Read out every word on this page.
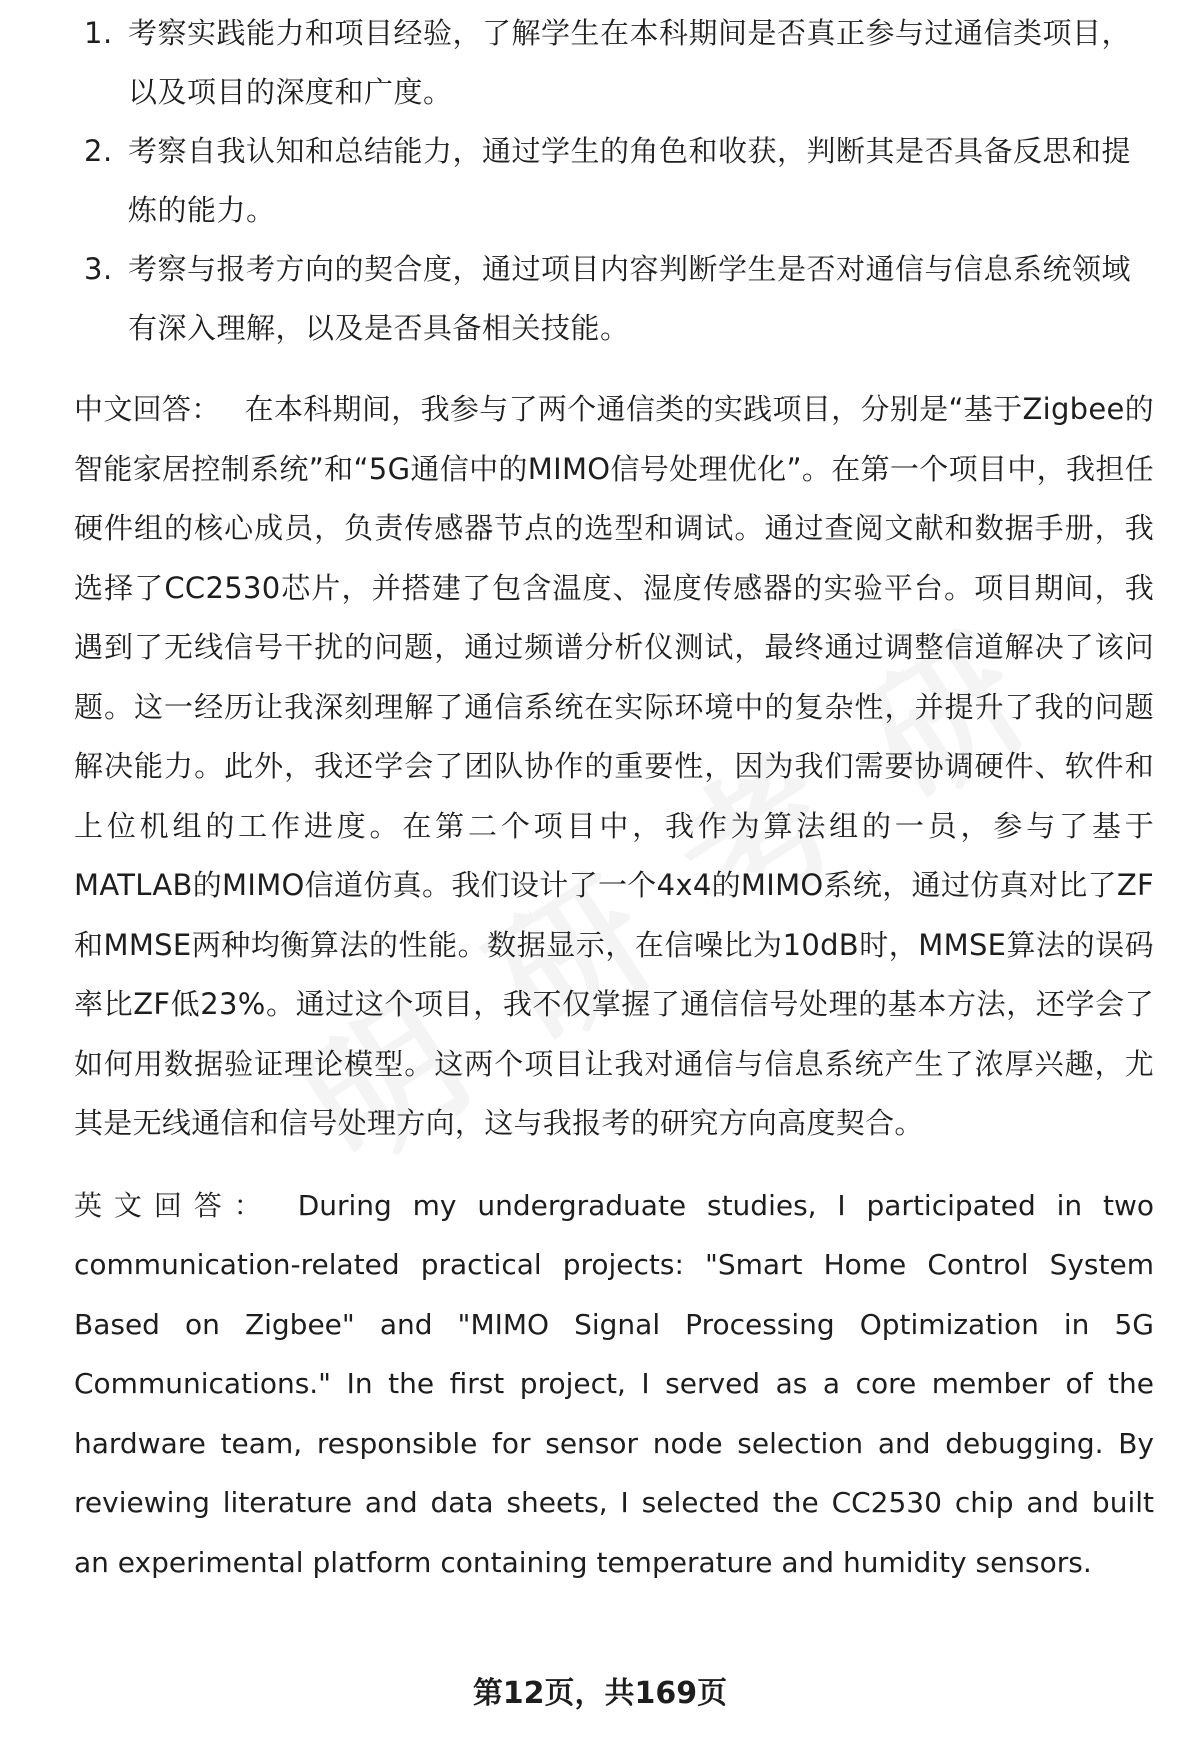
1. 考察实践能力和项目经验，了解学生在本科期间是否真正参与过通信类项目，以及项目的深度和广度。
2. 考察自我认知和总结能力，通过学生的角色和收获，判断其是否具备反思和提炼的能力。
3. 考察与报考方向的契合度，通过项目内容判断学生是否对通信与信息系统领域有深入理解，以及是否具备相关技能。

中文回答： 在本科期间，我参与了两个通信类的实践项目，分别是“基于Zigbee的智能家居控制系统”和“5G通信中的MIMO信号处理优化”。在第一个项目中，我担任硬件组的核心成员，负责传感器节点的选型和调试。通过查阅文献和数据手册，我选择了CC2530芯片，并搭建了包含温度、湿度传感器的实验平台。项目期间，我遇到了无线信号干扰的问题，通过频谱分析仪测试，最终通过调整信道解决了该问题。这一经历让我深刻理解了通信系统在实际环境中的复杂性，并提升了我的问题解决能力。此外，我还学会了团队协作的重要性，因为我们需要协调硬件、软件和上位机组的工作进度。在第二个项目中，我作为算法组的一员，参与了基于MATLAB的MIMO信道仿真。我们设计了一个4x4的MIMO系统，通过仿真对比了ZF和MMSE两种均衡算法的性能。数据显示，在信噪比为10dB时，MMSE算法的误码率比ZF低23%。通过这个项目，我不仅掌握了通信信号处理的基本方法，还学会了如何用数据验证理论模型。这两个项目让我对通信与信息系统产生了浓厚兴趣，尤其是无线通信和信号处理方向，这与我报考的研究方向高度契合。

英文回答： During my undergraduate studies, I participated in two communication-related practical projects: "Smart Home Control System Based on Zigbee" and "MIMO Signal Processing Optimization in 5G Communications." In the first project, I served as a core member of the hardware team, responsible for sensor node selection and debugging. By reviewing literature and data sheets, I selected the CC2530 chip and built an experimental platform containing temperature and humidity sensors.

第12页，共169页
